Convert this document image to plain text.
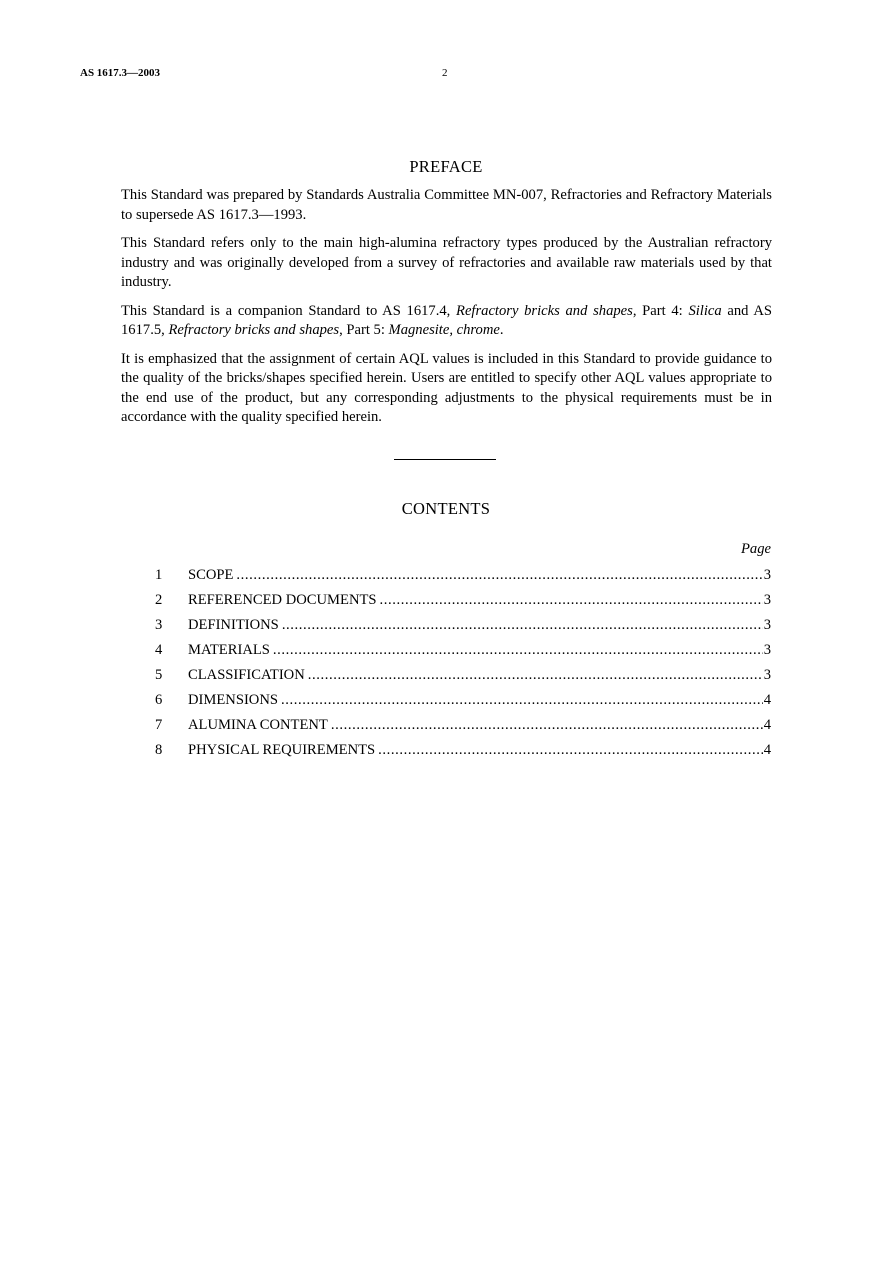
AS 1617.3—2003	2
PREFACE

This Standard was prepared by Standards Australia Committee MN-007, Refractories and Refractory Materials to supersede AS 1617.3—1993.

This Standard refers only to the main high-alumina refractory types produced by the Australian refractory industry and was originally developed from a survey of refractories and available raw materials used by that industry.

This Standard is a companion Standard to AS 1617.4, Refractory bricks and shapes, Part 4: Silica and AS 1617.5, Refractory bricks and shapes, Part 5: Magnesite, chrome.

It is emphasized that the assignment of certain AQL values is included in this Standard to provide guidance to the quality of the bricks/shapes specified herein. Users are entitled to specify other AQL values appropriate to the end use of the product, but any corresponding adjustments to the physical requirements must be in accordance with the quality specified herein.

CONTENTS
Page
1	SCOPE .....	3
2	REFERENCED DOCUMENTS .....	3
3	DEFINITIONS .....	3
4	MATERIALS .....	3
5	CLASSIFICATION .....	3
6	DIMENSIONS .....	4
7	ALUMINA CONTENT .....	4
8	PHYSICAL REQUIREMENTS .....	4
